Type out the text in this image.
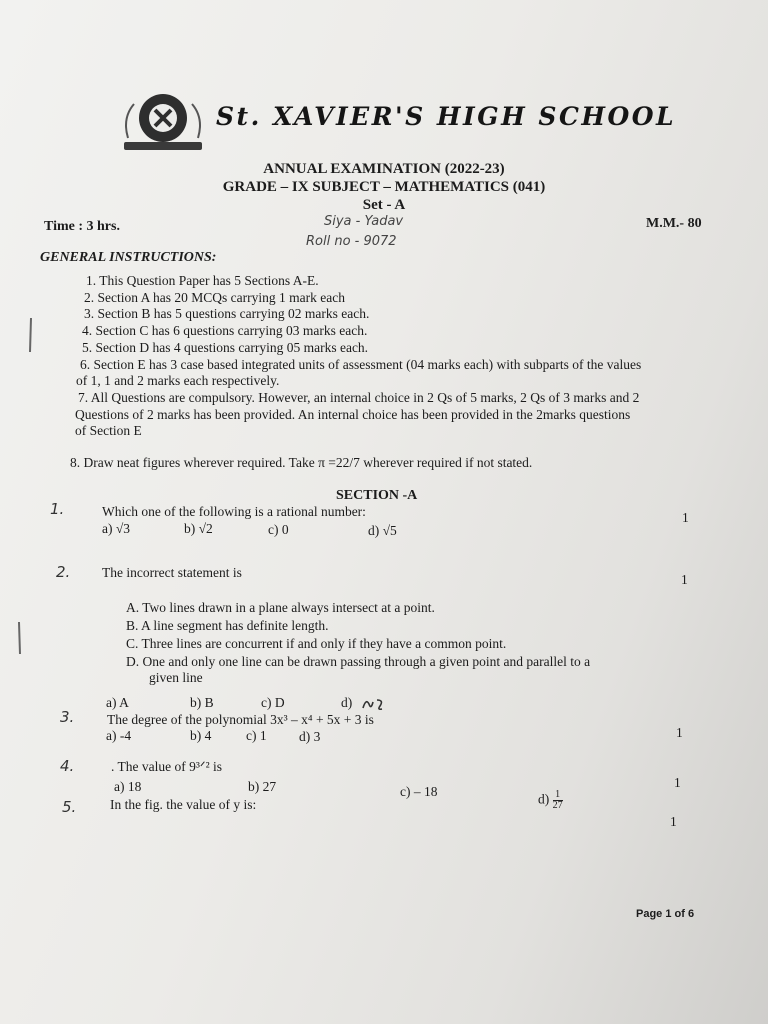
St. XAVIER'S HIGH SCHOOL
ANNUAL EXAMINATION (2022-23)
GRADE – IX SUBJECT – MATHEMATICS (041)
Set - A
Time : 3 hrs.	M.M.- 80
Siya - Yadav
Roll no - 9072
GENERAL INSTRUCTIONS:
1. This Question Paper has 5 Sections A-E.
2. Section A has 20 MCQs carrying 1 mark each
3. Section B has 5 questions carrying 02 marks each.
4. Section C has 6 questions carrying 03 marks each.
5. Section D has 4 questions carrying 05 marks each.
6. Section E has 3 case based integrated units of assessment (04 marks each) with subparts of the values
of 1, 1 and 2 marks each respectively.
7. All Questions are compulsory. However, an internal choice in 2 Qs of 5 marks, 2 Qs of 3 marks and 2
Questions of 2 marks has been provided. An internal choice has been provided in the 2marks questions
of Section E
8. Draw neat figures wherever required. Take π =22/7 wherever required if not stated.
SECTION -A
1.	Which one of the following is a rational number:
a) √3	b) √2	c) 0	d) √5
1
2. The incorrect statement is	1
A. Two lines drawn in a plane always intersect at a point.
B. A line segment has definite length.
C. Three lines are concurrent if and only if they have a common point.
D. One and only one line can be drawn passing through a given point and parallel to a
given line
a) A	b) B	c) D	d)
3. The degree of the polynomial 3x³ – x⁴ + 5x + 3 is
a) -4	b) 4	c) 1 d) 3	1
4.	. The value of 9³ᐟ² is
a) 18	b) 27	c) – 18
$d) \frac{1}{27}$
1
5. In the fig. the value of y is:
1
Page 1 of 6
